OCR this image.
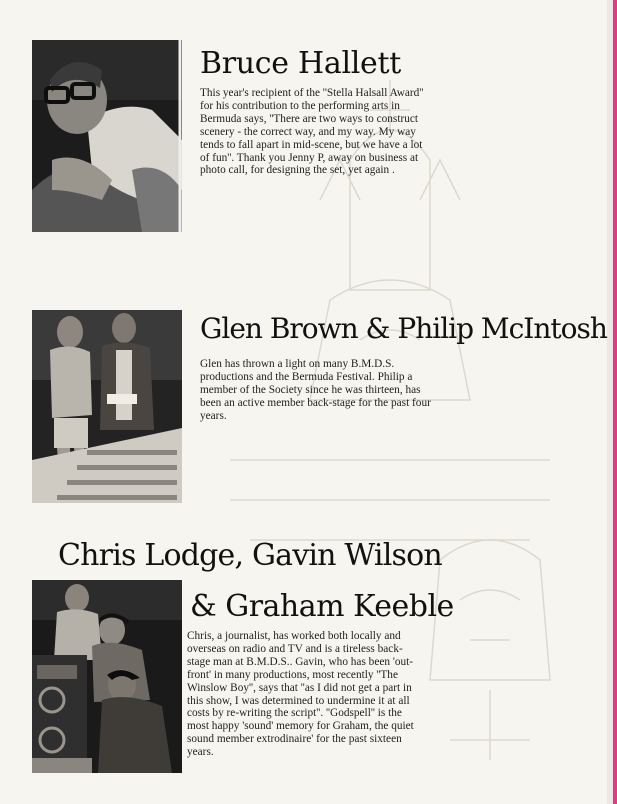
Bruce Hallett

This year's recipient of the ''Stella Halsall Award'' for his contribution to the performing arts in Bermuda says, ''There are two ways to construct scenery - the correct way, and my way. My way tends to fall apart in mid-scene, but we have a lot of fun''. Thank you Jenny P, away on business at photo call, for designing the set, yet again .

Glen Brown & Philip McIntosh

Glen has thrown a light on many B.M.D.S. productions and the Bermuda Festival. Philip a member of the Society since he was thirteen, has been an active member back-stage for the past four years.

Chris Lodge, Gavin Wilson
& Graham Keeble

Chris, a journalist, has worked both locally and overseas on radio and TV and is a tireless back-stage man at B.M.D.S.. Gavin, who has been 'out-front' in many productions, most recently ''The Winslow Boy'', says that ''as I did not get a part in this show, I was determined to undermine it at all costs by re-writing the script''. ''Godspell'' is the most happy 'sound' memory for Graham, the quiet sound member extrodinaire' for the past sixteen years.
